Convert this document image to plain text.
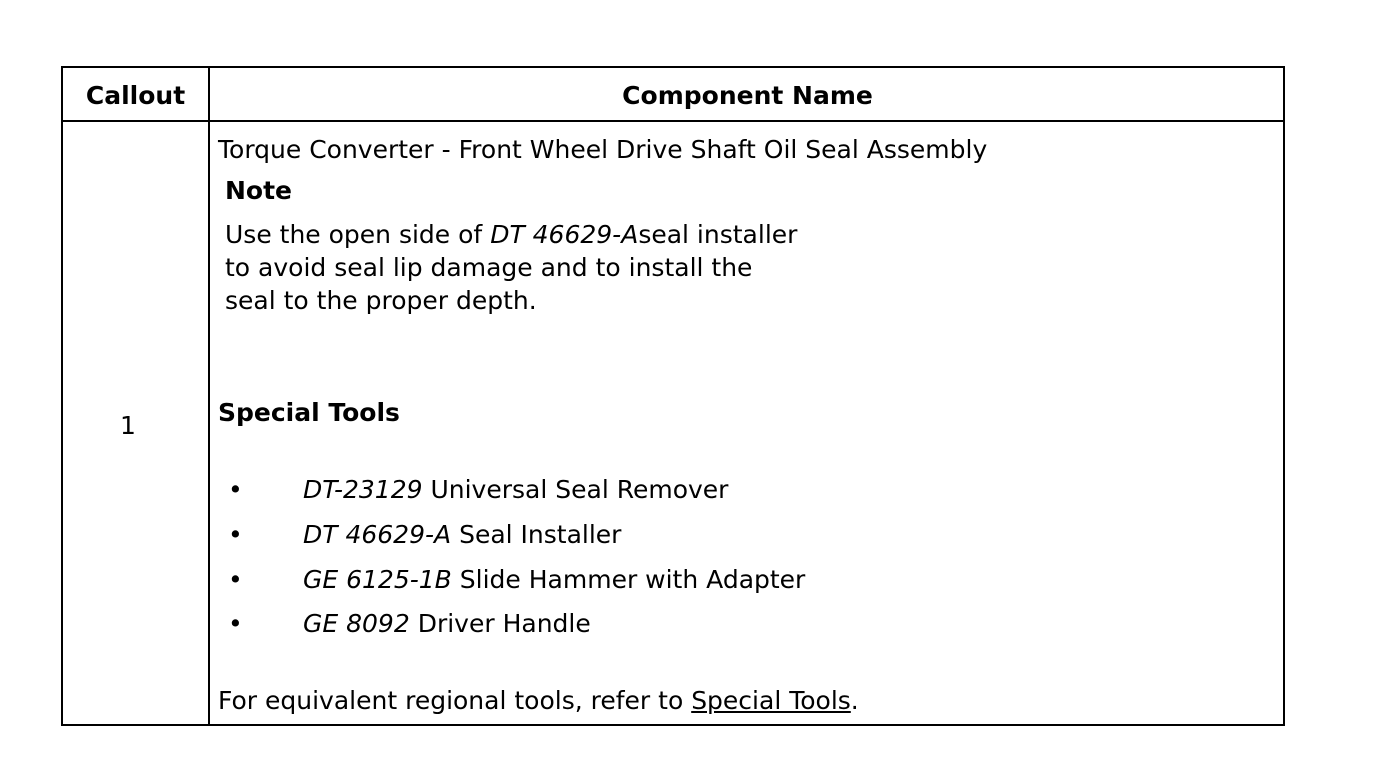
Callout	Component Name
1
Torque Converter - Front Wheel Drive Shaft Oil Seal Assembly
Note
Use the open side of DT 46629-Aseal installer
to avoid seal lip damage and to install the
seal to the proper depth.
Special Tools
• DT-23129 Universal Seal Remover
• DT 46629-A Seal Installer
• GE 6125-1B Slide Hammer with Adapter
• GE 8092 Driver Handle
For equivalent regional tools, refer to Special Tools.
